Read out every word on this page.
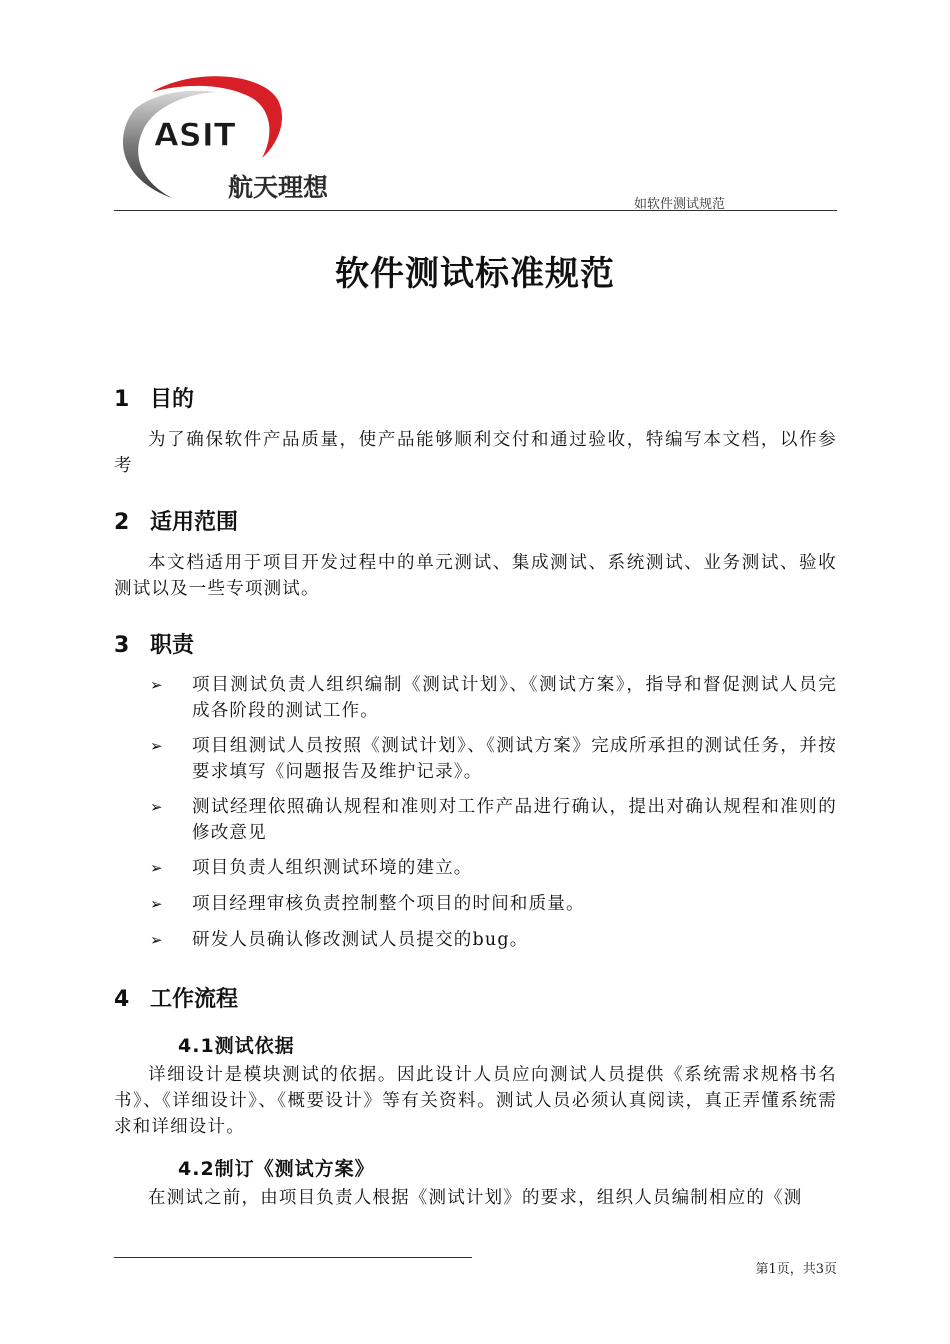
ASIT
航天理想
如软件测试规范
软件测试标准规范
1 目的
为了确保软件产品质量，使产品能够顺利交付和通过验收，特编写本文档，以作参考
2 适用范围
本文档适用于项目开发过程中的单元测试、集成测试、系统测试、业务测试、验收测试以及一些专项测试。
3 职责
➢ 项目测试负责人组织编制《测试计划》、《测试方案》，指导和督促测试人员完成各阶段的测试工作。
➢ 项目组测试人员按照《测试计划》、《测试方案》完成所承担的测试任务，并按要求填写《问题报告及维护记录》。
➢ 测试经理依照确认规程和准则对工作产品进行确认，提出对确认规程和准则的修改意见
➢ 项目负责人组织测试环境的建立。
➢ 项目经理审核负责控制整个项目的时间和质量。
➢ 研发人员确认修改测试人员提交的bug。
4 工作流程
4.1测试依据
详细设计是模块测试的依据。因此设计人员应向测试人员提供《系统需求规格书名书》、《详细设计》、《概要设计》等有关资料。测试人员必须认真阅读，真正弄懂系统需求和详细设计。
4.2制订《测试方案》
在测试之前，由项目负责人根据《测试计划》的要求，组织人员编制相应的《测
第1页，共3页
